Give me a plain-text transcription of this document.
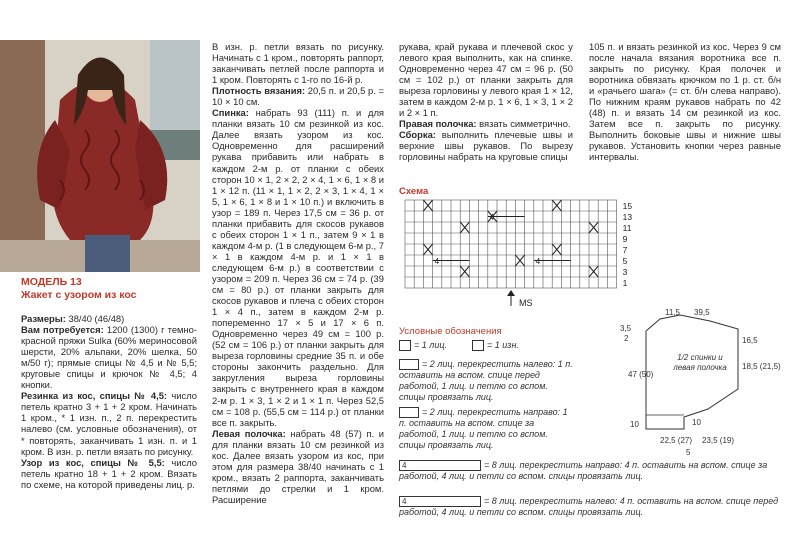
МОДЕЛЬ 13
Жакет с узором из кос

Размеры: 38/40 (46/48)

Вам потребуется: 1200 (1300) г темно-красной пряжи Sulka (60% мериносовой шерсти, 20% альпаки, 20% шелка, 50 м/50 г); прямые спицы № 4,5 и № 5,5; круговые спицы и крючок № 4,5; 4 кнопки.

Резинка из кос, спицы № 4,5: число петель кратно 3 + 1 + 2 кром. Начинать 1 кром., * 1 изн. п., 2 п. перекрестить налево (см. условные обозначения), от * повторять, заканчивать 1 изн. п. и 1 кром. В изн. р. петли вязать по рисунку.

Узор из кос, спицы № 5,5: число петель кратно 18 + 1 + 2 кром. Вязать по схеме, на которой приведены лиц. р.

В изн. р. петли вязать по рисунку. Начинать с 1 кром., повторять раппорт, заканчивать петлей после раппорта и 1 кром. Повторять с 1-го по 16-й р.

Плотность вязания: 20,5 п. и 20,5 р. = 10 × 10 см.

Спинка: набрать 93 (111) п. и для планки вязать 10 см резинкой из кос. Далее вязать узором из кос. Одновременно для расширений рукава прибавить или набрать в каждом 2-м р. от планки с обеих сторон 10 × 1, 2 × 2, 2 × 4, 1 × 6, 1 × 8 и 1 × 12 п. (11 × 1, 1 × 2, 2 × 3, 1 × 4, 1 × 5, 1 × 6, 1 × 8 и 1 × 10 п.) и включить в узор = 189 п. Через 17,5 см = 36 р. от планки прибавить для скосов рукавов с обеих сторон 1 × 1 п., затем 9 × 1 в каждом 4-м р. (1 в следующем 6-м р., 7 × 1 в каждом 4-м р. и 1 × 1 в следующем 6-м р.) в соответствии с узором = 209 п. Через 36 см = 74 р. (39 см = 80 р.) от планки закрыть для скосов рукавов и плеча с обеих сторон 1 × 4 п., затем в каждом 2-м р. попеременно 17 × 5 и 17 × 6 п. Одновременно через 49 см = 100 р. (52 см = 106 р.) от планки закрыть для выреза горловины средние 35 п. и обе стороны закончить раздельно. Для закругления выреза горловины закрыть с внутреннего края в каждом 2-м р. 1 × 3, 1 × 2 и 1 × 1 п. Через 52,5 см = 108 р. (55,5 см = 114 р.) от планки все п. закрыть.

Левая полочка: набрать 48 (57) п. и для планки вязать 10 см резинкой из кос. Далее вязать узором из кос, при этом для размера 38/40 начинать с 1 кром., вязать 2 раппорта, заканчивать петлями до стрелки и 1 кром. Расширение

рукава, край рукава и плечевой скос у левого края выполнить, как на спинке. Одновременно через 47 см = 96 р. (50 см = 102 р.) от планки закрыть для выреза горловины у левого края 1 × 12, затем в каждом 2-м р. 1 × 6, 1 × 3, 1 × 2 и 2 × 1 п.

Правая полочка: вязать симметрично.

Сборка: выполнить плечевые швы и верхние швы рукавов. По вырезу горловины набрать на круговые спицы

105 п. и вязать резинкой из кос. Через 9 см после начала вязания воротника все п. закрыть по рисунку. Края полочек и воротника обвязать крючком по 1 р. ст. б/н и «рачьего шага» (= ст. б/н слева направо). По нижним краям рукавов набрать по 42 (48) п. и вязать 14 см резинкой из кос. Затем все п. закрыть по рисунку. Выполнить боковые швы и нижние швы рукавов. Установить кнопки через равные интервалы.

Схема
4
4	4
15
13
11
9
7
5
3
1
MS
Условные обозначения
= 1 лиц.	= 1 изн.
= 2 лиц. перекрестить налево: 1 п. оставить на вспом. спице перед работой, 1 лиц. и петлю со вспом. спицы провязать лиц.
= 2 лиц. перекрестить направо: 1 п. оставить на вспом. спице за работой, 1 лиц. и петлю со вспом. спицы провязать лиц.
4	= 8 лиц. перекрестить направо: 4 п. оставить на вспом. спице за работой, 4 лиц. и петли со вспом. спицы провязать лиц.
4	= 8 лиц. перекрестить налево: 4 п. оставить на вспом. спице перед работой, 4 лиц. и петли со вспом. спицы провязать лиц.
11,5 39,5
3,5
2	16,5
18,5 (21,5)
47 (50)
10	10
22,5 (27) 23,5 (19)
5
1/2 спинки и левая полочка
